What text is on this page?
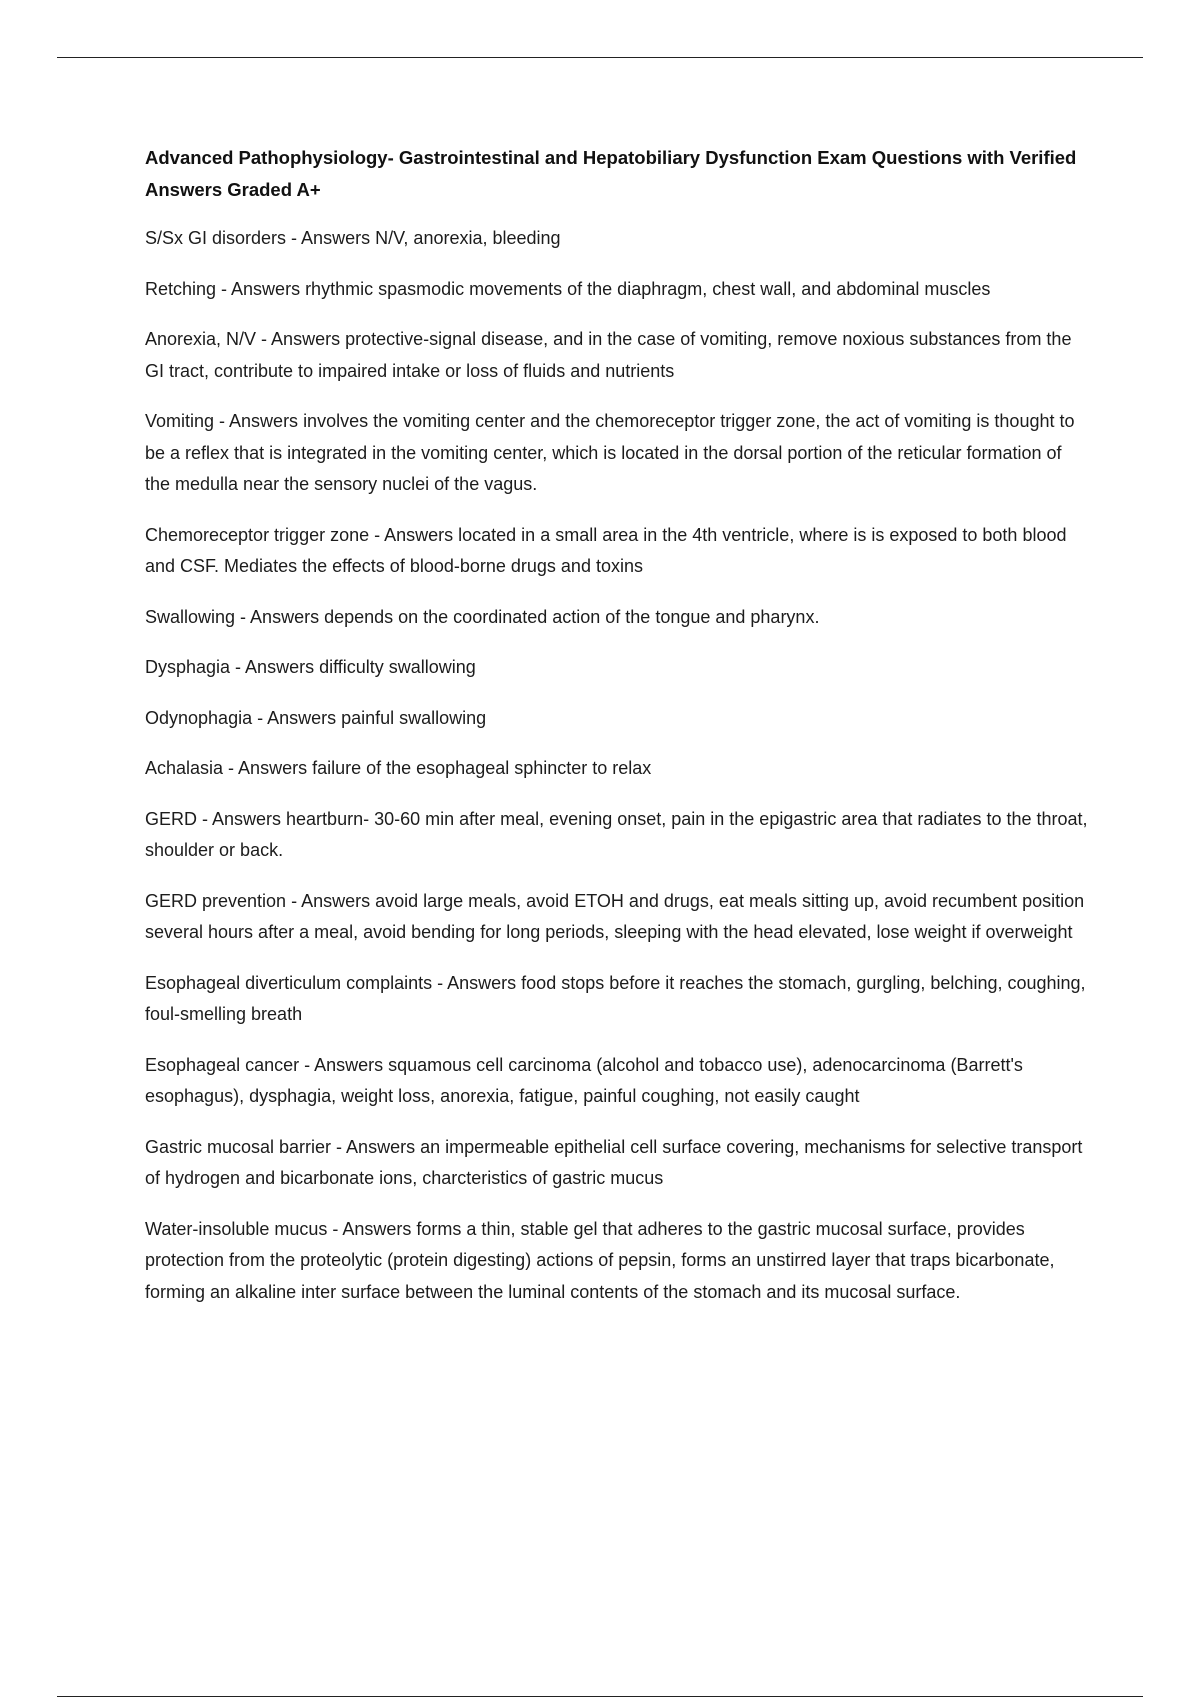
Advanced Pathophysiology- Gastrointestinal and Hepatobiliary Dysfunction Exam Questions with Verified Answers Graded A+
S/Sx GI disorders - Answers N/V, anorexia, bleeding
Retching - Answers rhythmic spasmodic movements of the diaphragm, chest wall, and abdominal muscles
Anorexia, N/V - Answers protective-signal disease, and in the case of vomiting, remove noxious substances from the GI tract, contribute to impaired intake or loss of fluids and nutrients
Vomiting - Answers involves the vomiting center and the chemoreceptor trigger zone, the act of vomiting is thought to be a reflex that is integrated in the vomiting center, which is located in the dorsal portion of the reticular formation of the medulla near the sensory nuclei of the vagus.
Chemoreceptor trigger zone - Answers located in a small area in the 4th ventricle, where is is exposed to both blood and CSF. Mediates the effects of blood-borne drugs and toxins
Swallowing - Answers depends on the coordinated action of the tongue and pharynx.
Dysphagia - Answers difficulty swallowing
Odynophagia - Answers painful swallowing
Achalasia - Answers failure of the esophageal sphincter to relax
GERD - Answers heartburn- 30-60 min after meal, evening onset, pain in the epigastric area that radiates to the throat, shoulder or back.
GERD prevention - Answers avoid large meals, avoid ETOH and drugs, eat meals sitting up, avoid recumbent position several hours after a meal, avoid bending for long periods, sleeping with the head elevated, lose weight if overweight
Esophageal diverticulum complaints - Answers food stops before it reaches the stomach, gurgling, belching, coughing, foul-smelling breath
Esophageal cancer - Answers squamous cell carcinoma (alcohol and tobacco use), adenocarcinoma (Barrett's esophagus), dysphagia, weight loss, anorexia, fatigue, painful coughing, not easily caught
Gastric mucosal barrier - Answers an impermeable epithelial cell surface covering, mechanisms for selective transport of hydrogen and bicarbonate ions, charcteristics of gastric mucus
Water-insoluble mucus - Answers forms a thin, stable gel that adheres to the gastric mucosal surface, provides protection from the proteolytic (protein digesting) actions of pepsin, forms an unstirred layer that traps bicarbonate, forming an alkaline inter surface between the luminal contents of the stomach and its mucosal surface.
